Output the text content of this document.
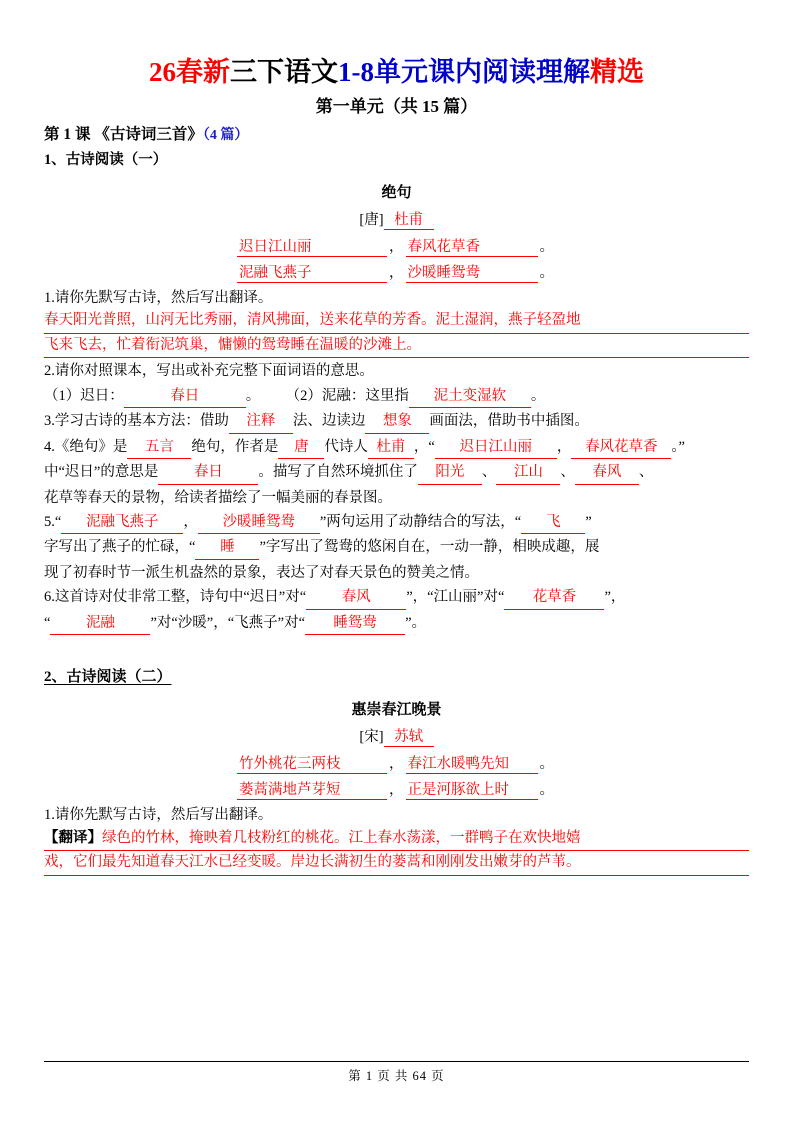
26春新三下语文1-8单元课内阅读理解精选
第一单元（共 15 篇）
第 1 课 《古诗词三首》（4 篇）
1、古诗阅读（一）
绝句
[唐] 杜甫
迟日江山丽	， 春风花草香	。
泥融飞燕子	， 沙暖睡鸳鸯	。
1.请你先默写古诗，然后写出翻译。
春天阳光普照，山河无比秀丽，清风拂面，送来花草的芳香。泥土湿润，燕子轻盈地
飞来飞去，忙着衔泥筑巢，慵懒的鸳鸯睡在温暖的沙滩上。
2.请你对照课本，写出或补充完整下面词语的意思。
（1）迟日：	春日	。 （2）泥融：这里指 泥土变湿软 。
3.学习古诗的基本方法：借助 注释 法、边读边 想象 画面法，借助书中插图。
4.《绝句》是 五言 绝句，作者是 唐 代诗人 杜甫 ，“ 迟日江山丽 ， 春风花草香 。”
中“迟日”的意思是 春日 。描写了自然环境抓住了 阳光 、 江山 、 春风 、
花草等春天的景物，给读者描绘了一幅美丽的春景图。
5.“ 泥融飞燕子 ， 沙暖睡鸳鸯 ”两句运用了动静结合的写法，“ 飞 ”
字写出了燕子的忙碌，“ 睡 ”字写出了鸳鸯的悠闲自在，一动一静，相映成趣，展
现了初春时节一派生机盎然的景象，表达了对春天景色的赞美之情。
6.这首诗对仗非常工整，诗句中“迟日”对“ 春风 ”，“江山丽”对“ 花草香 ”，
“ 泥融 ”对“沙暖”，“飞燕子”对“ 睡鸳鸯 ”。
2、古诗阅读（二）
惠崇春江晚景
[宋] 苏轼
竹外桃花三两枝	， 春江水暖鸭先知 。
蒌蒿满地芦芽短	， 正是河豚欲上时 。
1.请你先默写古诗，然后写出翻译。
【翻译】绿色的竹林，掩映着几枝粉红的桃花。江上春水荡漾，一群鸭子在欢快地嬉
戏，它们最先知道春天江水已经变暖。岸边长满初生的蒌蒿和刚刚发出嫩芽的芦苇。
第 1 页 共 64 页
